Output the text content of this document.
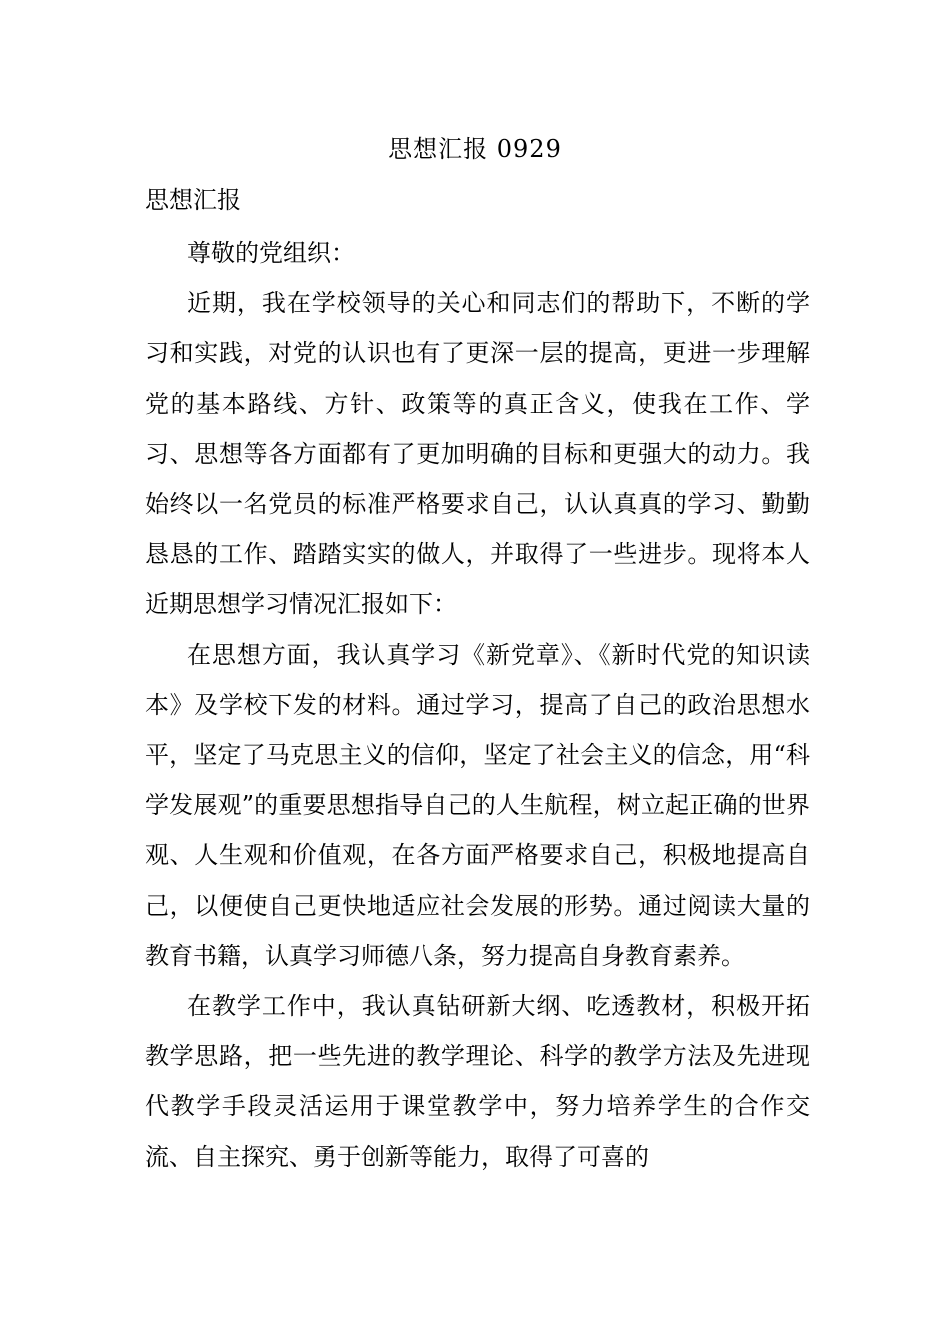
思想汇报 0929
思想汇报

尊敬的党组织：

近期，我在学校领导的关心和同志们的帮助下，不断的学习和实践，对党的认识也有了更深一层的提高，更进一步理解党的基本路线、方针、政策等的真正含义，使我在工作、学习、思想等各方面都有了更加明确的目标和更强大的动力。我始终以一名党员的标准严格要求自己，认认真真的学习、勤勤恳恳的工作、踏踏实实的做人，并取得了一些进步。现将本人近期思想学习情况汇报如下：

在思想方面，我认真学习《新党章》、《新时代党的知识读本》及学校下发的材料。通过学习，提高了自己的政治思想水平，坚定了马克思主义的信仰，坚定了社会主义的信念，用“科学发展观”的重要思想指导自己的人生航程，树立起正确的世界观、人生观和价值观，在各方面严格要求自己，积极地提高自己，以便使自己更快地适应社会发展的形势。通过阅读大量的教育书籍，认真学习师德八条，努力提高自身教育素养。

在教学工作中，我认真钻研新大纲、吃透教材，积极开拓教学思路，把一些先进的教学理论、科学的教学方法及先进现代教学手段灵活运用于课堂教学中，努力培养学生的合作交流、自主探究、勇于创新等能力，取得了可喜的
